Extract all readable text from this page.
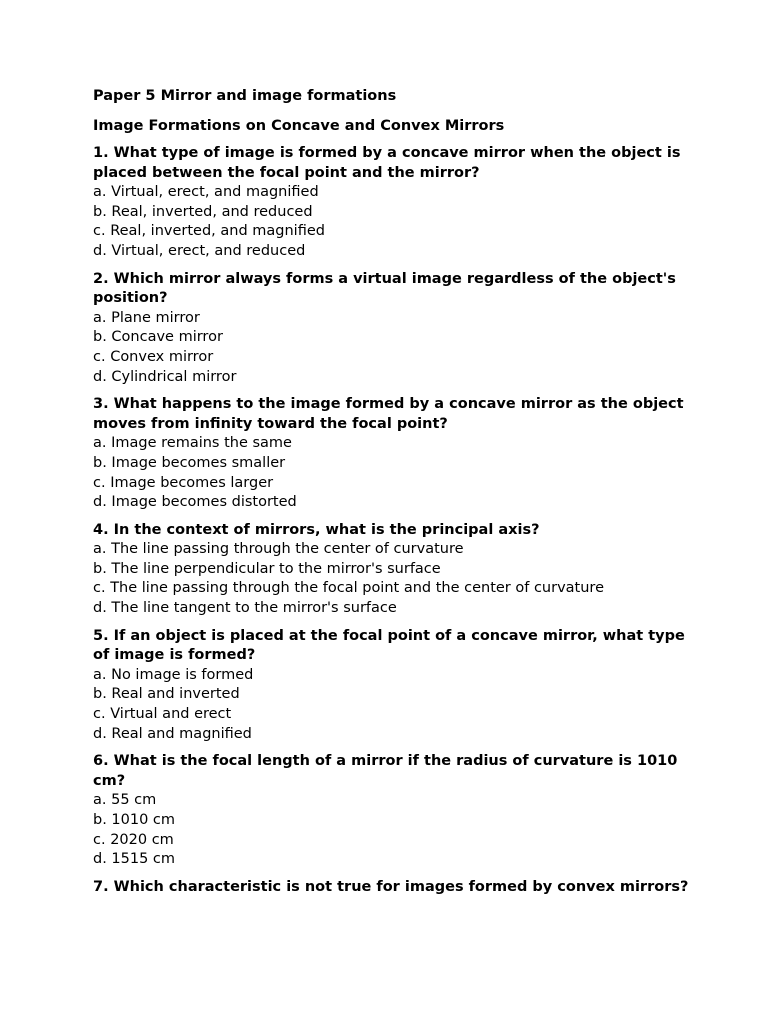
Paper 5 Mirror and image formations

Image Formations on Concave and Convex Mirrors

1. What type of image is formed by a concave mirror when the object is placed between the focal point and the mirror?

a. Virtual, erect, and magnified
b. Real, inverted, and reduced
c. Real, inverted, and magnified
d. Virtual, erect, and reduced

2. Which mirror always forms a virtual image regardless of the object's position?

a. Plane mirror
b. Concave mirror
c. Convex mirror
d. Cylindrical mirror

3. What happens to the image formed by a concave mirror as the object moves from infinity toward the focal point?

a. Image remains the same
b. Image becomes smaller
c. Image becomes larger
d. Image becomes distorted

4. In the context of mirrors, what is the principal axis?

a. The line passing through the center of curvature
b. The line perpendicular to the mirror's surface
c. The line passing through the focal point and the center of curvature
d. The line tangent to the mirror's surface

5. If an object is placed at the focal point of a concave mirror, what type of image is formed?

a. No image is formed
b. Real and inverted
c. Virtual and erect
d. Real and magnified

6. What is the focal length of a mirror if the radius of curvature is 1010 cm?

a. 55 cm
b. 1010 cm
c. 2020 cm
d. 1515 cm

7. Which characteristic is not true for images formed by convex mirrors?
